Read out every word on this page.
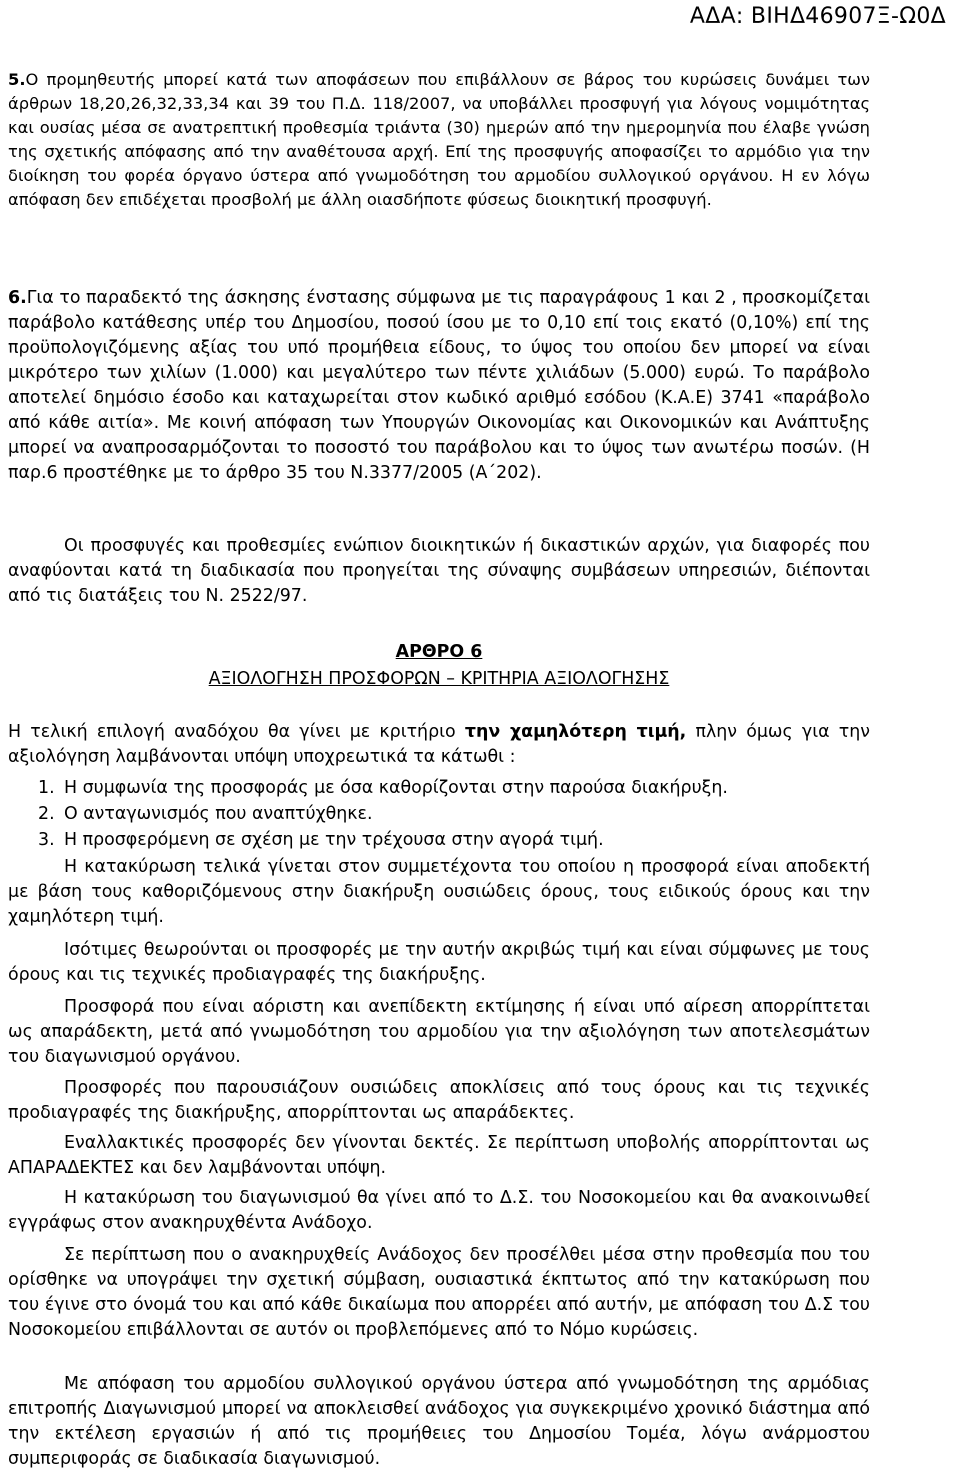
ΑΔΑ: ΒΙΗΔ46907Ξ-Ω0Δ

5.Ο προμηθευτής μπορεί κατά των αποφάσεων που επιβάλλουν σε βάρος του κυρώσεις δυνάμει των άρθρων 18,20,26,32,33,34 και 39 του Π.Δ. 118/2007, να υποβάλλει προσφυγή για λόγους νομιμότητας και ουσίας μέσα σε ανατρεπτική προθεσμία τριάντα (30) ημερών από την ημερομηνία που έλαβε γνώση της σχετικής απόφασης από την αναθέτουσα αρχή. Επί της προσφυγής αποφασίζει το αρμόδιο για την διοίκηση του φορέα όργανο ύστερα από γνωμοδότηση του αρμοδίου συλλογικού οργάνου. Η εν λόγω απόφαση δεν επιδέχεται προσβολή με άλλη οιασδήποτε φύσεως διοικητική προσφυγή.

6.Για το παραδεκτό της άσκησης ένστασης σύμφωνα με τις παραγράφους 1 και 2 , προσκομίζεται παράβολο κατάθεσης υπέρ του Δημοσίου, ποσού ίσου με το 0,10 επί τοις εκατό (0,10%) επί της προϋπολογιζόμενης αξίας του υπό προμήθεια είδους, το ύψος του οποίου δεν μπορεί να είναι μικρότερο των χιλίων (1.000) και μεγαλύτερο των πέντε χιλιάδων (5.000) ευρώ. Το παράβολο αποτελεί δημόσιο έσοδο και καταχωρείται στον κωδικό αριθμό εσόδου (Κ.Α.Ε) 3741 «παράβολο από κάθε αιτία». Με κοινή απόφαση των Υπουργών Οικονομίας και Οικονομικών και Ανάπτυξης μπορεί να αναπροσαρμόζονται το ποσοστό του παράβολου και το ύψος των ανωτέρω ποσών. (Η παρ.6 προστέθηκε με το άρθρο 35 του Ν.3377/2005 (Α΄202).

Οι προσφυγές και προθεσμίες ενώπιον διοικητικών ή δικαστικών αρχών, για διαφορές που αναφύονται κατά τη διαδικασία που προηγείται της σύναψης συμβάσεων υπηρεσιών, διέπονται από τις διατάξεις του Ν. 2522/97.

ΑΡΘΡΟ 6
ΑΞΙΟΛΟΓΗΣΗ ΠΡΟΣΦΟΡΩΝ – ΚΡΙΤΗΡΙΑ ΑΞΙΟΛΟΓΗΣΗΣ

Η τελική επιλογή αναδόχου θα γίνει με κριτήριο την χαμηλότερη τιμή, πλην όμως για την αξιολόγηση λαμβάνονται υπόψη υποχρεωτικά τα κάτωθι :

1. Η συμφωνία της προσφοράς με όσα καθορίζονται στην παρούσα διακήρυξη.
2. Ο ανταγωνισμός που αναπτύχθηκε.
3. Η προσφερόμενη σε σχέση με την τρέχουσα στην αγορά τιμή.

Η κατακύρωση τελικά γίνεται στον συμμετέχοντα του οποίου η προσφορά είναι αποδεκτή με βάση τους καθοριζόμενους στην διακήρυξη ουσιώδεις όρους, τους ειδικούς όρους και την χαμηλότερη τιμή.

Ισότιμες θεωρούνται οι προσφορές με την αυτήν ακριβώς τιμή και είναι σύμφωνες με τους όρους και τις τεχνικές προδιαγραφές της διακήρυξης.

Προσφορά που είναι αόριστη και ανεπίδεκτη εκτίμησης ή είναι υπό αίρεση απορρίπτεται ως απαράδεκτη, μετά από γνωμοδότηση του αρμοδίου για την αξιολόγηση των αποτελεσμάτων του διαγωνισμού οργάνου.

Προσφορές που παρουσιάζουν ουσιώδεις αποκλίσεις από τους όρους και τις τεχνικές προδιαγραφές της διακήρυξης, απορρίπτονται ως απαράδεκτες.

Εναλλακτικές προσφορές δεν γίνονται δεκτές. Σε περίπτωση υποβολής απορρίπτονται ως ΑΠΑΡΑΔΕΚΤΕΣ και δεν λαμβάνονται υπόψη.

Η κατακύρωση του διαγωνισμού θα γίνει από το Δ.Σ. του Νοσοκομείου και θα ανακοινωθεί εγγράφως στον ανακηρυχθέντα Ανάδοχο.

Σε περίπτωση που ο ανακηρυχθείς Ανάδοχος δεν προσέλθει μέσα στην προθεσμία που του ορίσθηκε να υπογράψει την σχετική σύμβαση, ουσιαστικά έκπτωτος από την κατακύρωση που του έγινε στο όνομά του και από κάθε δικαίωμα που απορρέει από αυτήν, με απόφαση του Δ.Σ του Νοσοκομείου επιβάλλονται σε αυτόν οι προβλεπόμενες από το Νόμο κυρώσεις.

Με απόφαση του αρμοδίου συλλογικού οργάνου ύστερα από γνωμοδότηση της αρμόδιας επιτροπής Διαγωνισμού μπορεί να αποκλεισθεί ανάδοχος για συγκεκριμένο χρονικό διάστημα από την εκτέλεση εργασιών ή από τις προμήθειες του Δημοσίου Τομέα, λόγω ανάρμοστου συμπεριφοράς σε διαδικασία διαγωνισμού.
